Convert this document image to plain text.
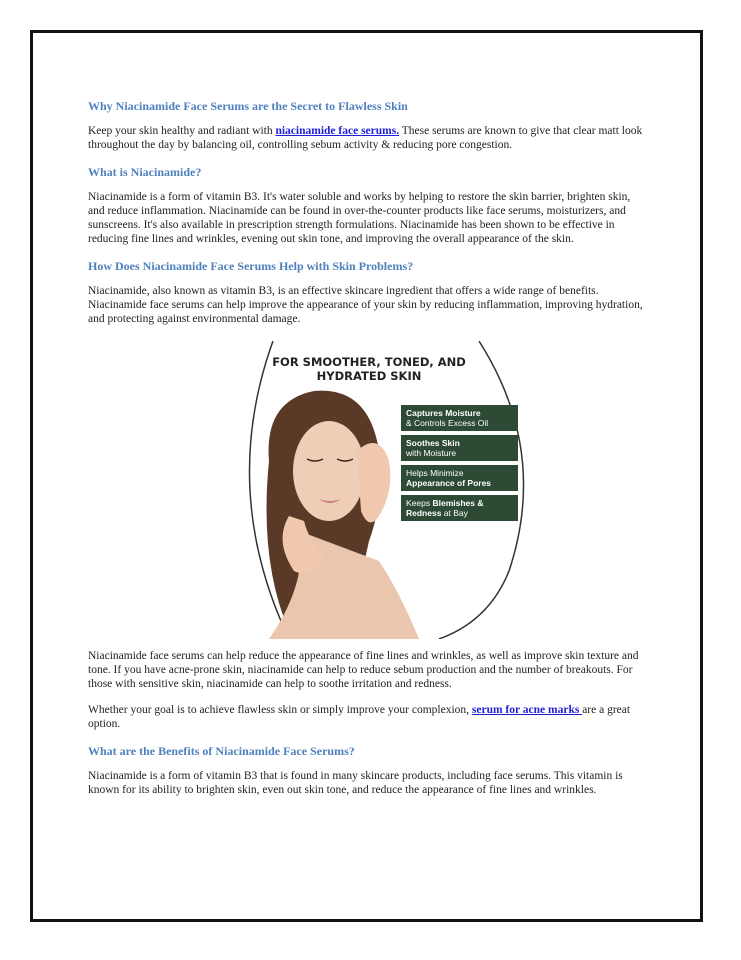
Why Niacinamide Face Serums are the Secret to Flawless Skin

Keep your skin healthy and radiant with niacinamide face serums. These serums are known to give that clear matt look throughout the day by balancing oil, controlling sebum activity & reducing pore congestion.

What is Niacinamide?

Niacinamide is a form of vitamin B3. It's water soluble and works by helping to restore the skin barrier, brighten skin, and reduce inflammation. Niacinamide can be found in over-the-counter products like face serums, moisturizers, and sunscreens. It's also available in prescription strength formulations. Niacinamide has been shown to be effective in reducing fine lines and wrinkles, evening out skin tone, and improving the overall appearance of the skin.

How Does Niacinamide Face Serums Help with Skin Problems?

Niacinamide, also known as vitamin B3, is an effective skincare ingredient that offers a wide range of benefits. Niacinamide face serums can help improve the appearance of your skin by reducing inflammation, improving hydration, and protecting against environmental damage.

FOR SMOOTHER, TONED, AND
HYDRATED SKIN
Captures Moisture
& Controls Excess Oil
Soothes Skin
with Moisture
Helps Minimize
Appearance of Pores
Keeps Blemishes &
Redness at Bay

Niacinamide face serums can help reduce the appearance of fine lines and wrinkles, as well as improve skin texture and tone. If you have acne-prone skin, niacinamide can help to reduce sebum production and the number of breakouts. For those with sensitive skin, niacinamide can help to soothe irritation and redness.

Whether your goal is to achieve flawless skin or simply improve your complexion, serum for acne marks are a great option.

What are the Benefits of Niacinamide Face Serums?

Niacinamide is a form of vitamin B3 that is found in many skincare products, including face serums. This vitamin is known for its ability to brighten skin, even out skin tone, and reduce the appearance of fine lines and wrinkles.
